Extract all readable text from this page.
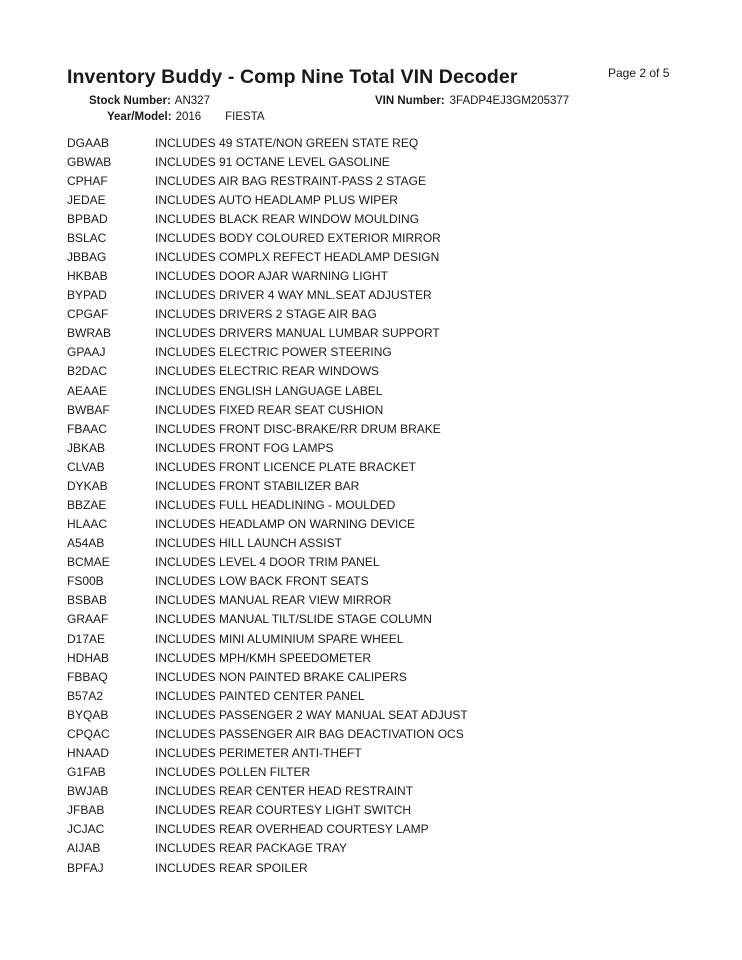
Inventory Buddy - Comp Nine Total VIN Decoder	Page 2 of 5
Stock Number: AN327	VIN Number: 3FADP4EJ3GM205377
Year/Model: 2016 FIESTA
DGAAB	INCLUDES 49 STATE/NON GREEN STATE REQ
GBWAB	INCLUDES 91 OCTANE LEVEL GASOLINE
CPHAF	INCLUDES AIR BAG RESTRAINT-PASS 2 STAGE
JEDAE	INCLUDES AUTO HEADLAMP PLUS WIPER
BPBAD	INCLUDES BLACK REAR WINDOW MOULDING
BSLAC	INCLUDES BODY COLOURED EXTERIOR MIRROR
JBBAG	INCLUDES COMPLX REFECT HEADLAMP DESIGN
HKBAB	INCLUDES DOOR AJAR WARNING LIGHT
BYPAD	INCLUDES DRIVER 4 WAY MNL.SEAT ADJUSTER
CPGAF	INCLUDES DRIVERS 2 STAGE AIR BAG
BWRAB	INCLUDES DRIVERS MANUAL LUMBAR SUPPORT
GPAAJ	INCLUDES ELECTRIC POWER STEERING
B2DAC	INCLUDES ELECTRIC REAR WINDOWS
AEAAE	INCLUDES ENGLISH LANGUAGE LABEL
BWBAF	INCLUDES FIXED REAR SEAT CUSHION
FBAAC	INCLUDES FRONT DISC-BRAKE/RR DRUM BRAKE
JBKAB	INCLUDES FRONT FOG LAMPS
CLVAB	INCLUDES FRONT LICENCE PLATE BRACKET
DYKAB	INCLUDES FRONT STABILIZER BAR
BBZAE	INCLUDES FULL HEADLINING - MOULDED
HLAAC	INCLUDES HEADLAMP ON WARNING DEVICE
A54AB	INCLUDES HILL LAUNCH ASSIST
BCMAE	INCLUDES LEVEL 4 DOOR TRIM PANEL
FS00B	INCLUDES LOW BACK FRONT SEATS
BSBAB	INCLUDES MANUAL REAR VIEW MIRROR
GRAAF	INCLUDES MANUAL TILT/SLIDE STAGE COLUMN
D17AE	INCLUDES MINI ALUMINIUM SPARE WHEEL
HDHAB	INCLUDES MPH/KMH SPEEDOMETER
FBBAQ	INCLUDES NON PAINTED BRAKE CALIPERS
B57A2	INCLUDES PAINTED CENTER PANEL
BYQAB	INCLUDES PASSENGER 2 WAY MANUAL SEAT ADJUST
CPQAC	INCLUDES PASSENGER AIR BAG DEACTIVATION OCS
HNAAD	INCLUDES PERIMETER ANTI-THEFT
G1FAB	INCLUDES POLLEN FILTER
BWJAB	INCLUDES REAR CENTER HEAD RESTRAINT
JFBAB	INCLUDES REAR COURTESY LIGHT SWITCH
JCJAC	INCLUDES REAR OVERHEAD COURTESY LAMP
AIJAB	INCLUDES REAR PACKAGE TRAY
BPFAJ	INCLUDES REAR SPOILER
